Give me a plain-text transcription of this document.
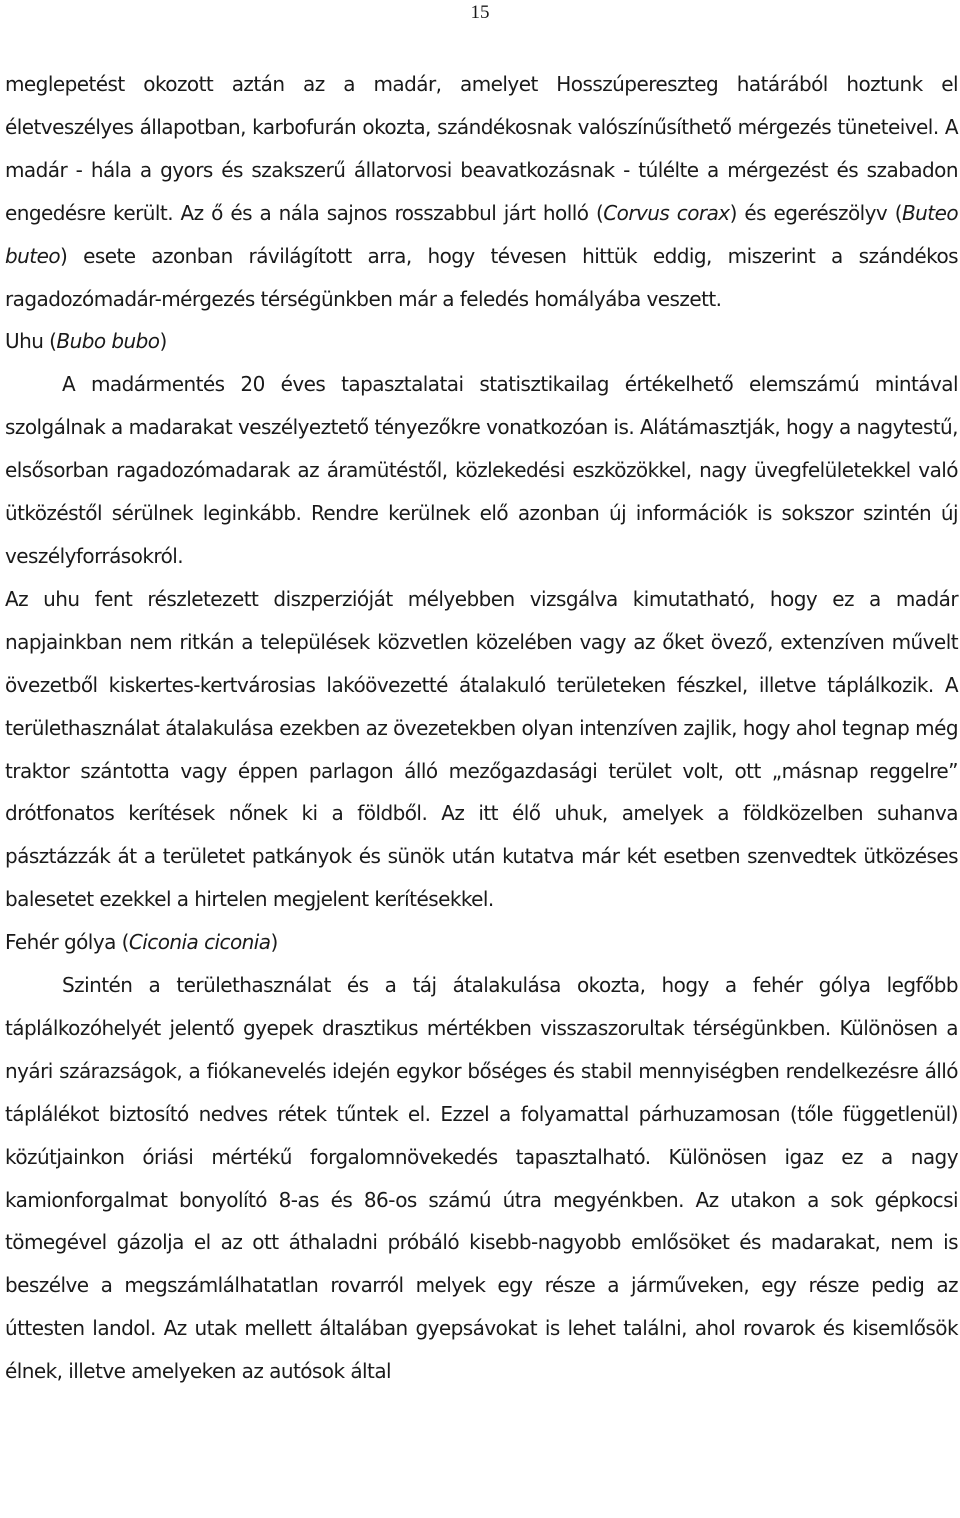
15

meglepetést okozott aztán az a madár, amelyet Hosszúpereszteg határából hoztunk el életveszélyes állapotban, karbofurán okozta, szándékosnak valószínűsíthető mérgezés tüneteivel. A madár - hála a gyors és szakszerű állatorvosi beavatkozásnak - túlélte a mérgezést és szabadon engedésre került. Az ő és a nála sajnos rosszabbul járt holló (Corvus corax) és egerészölyv (Buteo buteo) esete azonban rávilágított arra, hogy tévesen hittük eddig, miszerint a szándékos ragadozómadár-mérgezés térségünkben már a feledés homályába veszett.

Uhu (Bubo bubo)

A madármentés 20 éves tapasztalatai statisztikailag értékelhető elemszámú mintával szolgálnak a madarakat veszélyeztető tényezőkre vonatkozóan is. Alátámasztják, hogy a nagytestű, elsősorban ragadozómadarak az áramütéstől, közlekedési eszközökkel, nagy üvegfelületekkel való ütközéstől sérülnek leginkább. Rendre kerülnek elő azonban új információk is sokszor szintén új veszélyforrásokról.

Az uhu fent részletezett diszperzióját mélyebben vizsgálva kimutatható, hogy ez a madár napjainkban nem ritkán a települések közvetlen közelében vagy az őket övező, extenzíven művelt övezetből kiskertes-kertvárosias lakóövezetté átalakuló területeken fészkel, illetve táplálkozik. A területhasználat átalakulása ezekben az övezetekben olyan intenzíven zajlik, hogy ahol tegnap még traktor szántotta vagy éppen parlagon álló mezőgazdasági terület volt, ott „másnap reggelre” drótfonatos kerítések nőnek ki a földből. Az itt élő uhuk, amelyek a földközelben suhanva pásztázzák át a területet patkányok és sünök után kutatva már két esetben szenvedtek ütközéses balesetet ezekkel a hirtelen megjelent kerítésekkel.

Fehér gólya (Ciconia ciconia)

Szintén a területhasználat és a táj átalakulása okozta, hogy a fehér gólya legfőbb táplálkozóhelyét jelentő gyepek drasztikus mértékben visszaszorultak térségünkben. Különösen a nyári szárazságok, a fiókanevelés idején egykor bőséges és stabil mennyiségben rendelkezésre álló táplálékot biztosító nedves rétek tűntek el. Ezzel a folyamattal párhuzamosan (tőle függetlenül) közútjainkon óriási mértékű forgalomnövekedés tapasztalható. Különösen igaz ez a nagy kamionforgalmat bonyolító 8-as és 86-os számú útra megyénkben. Az utakon a sok gépkocsi tömegével gázolja el az ott áthaladni próbáló kisebb-nagyobb emlősöket és madarakat, nem is beszélve a megszámlálhatatlan rovarról melyek egy része a járműveken, egy része pedig az úttesten landol. Az utak mellett általában gyepsávokat is lehet találni, ahol rovarok és kisemlősök élnek, illetve amelyeken az autósok által
